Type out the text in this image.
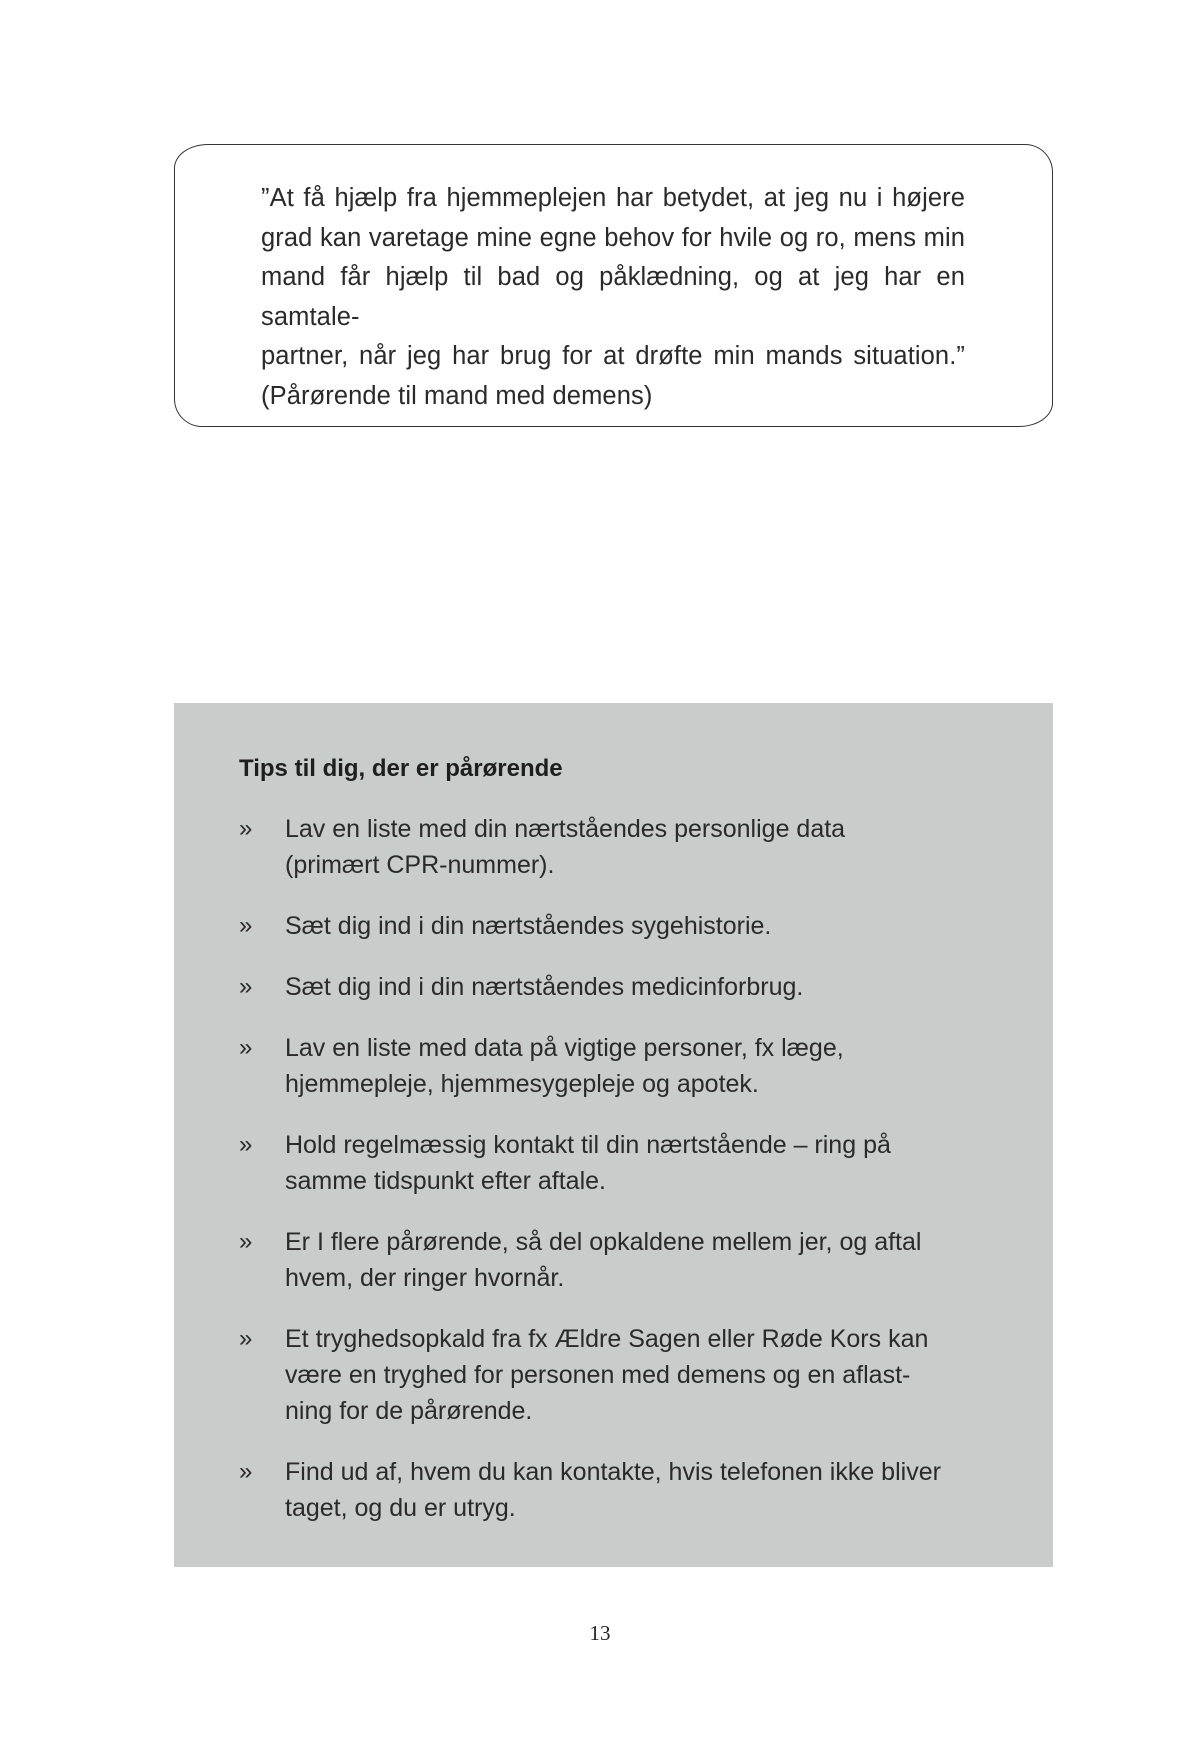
”At få hjælp fra hjemmeplejen har betydet, at jeg nu i højere
grad kan varetage mine egne behov for hvile og ro, mens min
mand får hjælp til bad og påklædning, og at jeg har en samtale-
partner, når jeg har brug for at drøfte min mands situation.”
(Pårørende til mand med demens)

Tips til dig, der er pårørende
» Lav en liste med din nærtståendes personlige data
(primært CPR-nummer).
» Sæt dig ind i din nærtståendes sygehistorie.
» Sæt dig ind i din nærtståendes medicinforbrug.
» Lav en liste med data på vigtige personer, fx læge,
hjemmepleje, hjemmesygepleje og apotek.
» Hold regelmæssig kontakt til din nærtstående – ring på
samme tidspunkt efter aftale.
» Er I flere pårørende, så del opkaldene mellem jer, og aftal
hvem, der ringer hvornår.
» Et tryghedsopkald fra fx Ældre Sagen eller Røde Kors kan
være en tryghed for personen med demens og en aflast-
ning for de pårørende.
» Find ud af, hvem du kan kontakte, hvis telefonen ikke bliver
taget, og du er utryg.
13
